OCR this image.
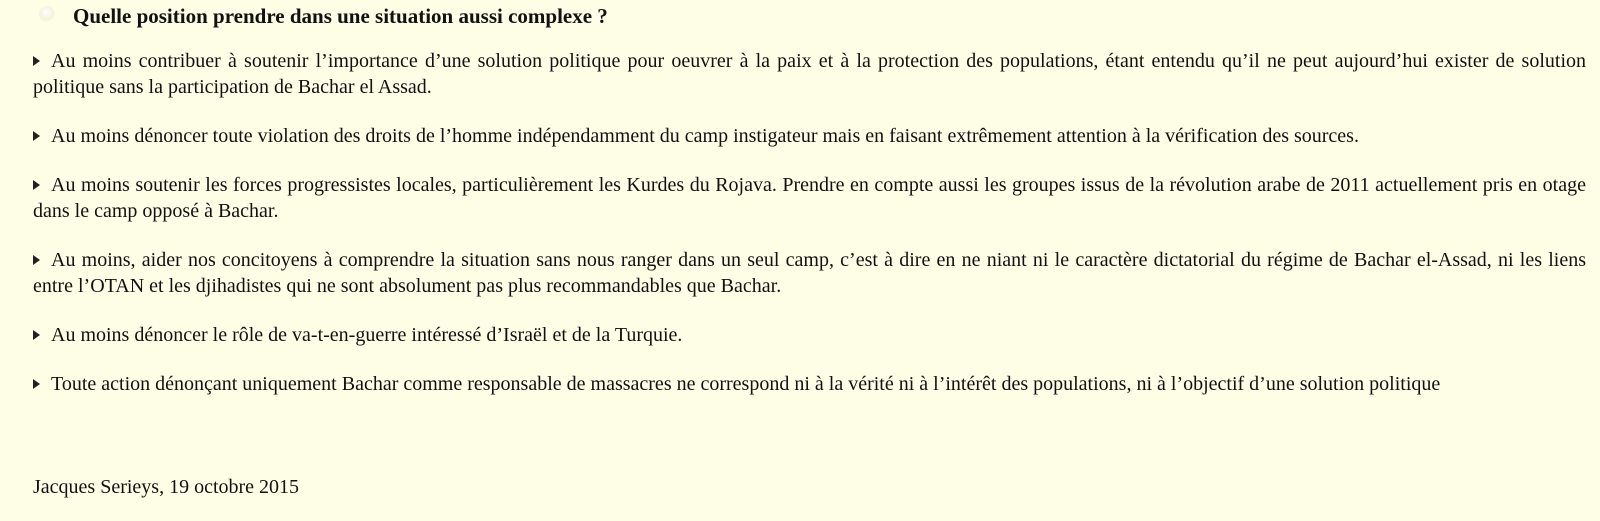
Quelle position prendre dans une situation aussi complexe ?
Au moins contribuer à soutenir l’importance d’une solution politique pour oeuvrer à la paix et à la protection des populations, étant entendu qu’il ne peut aujourd’hui exister de solution politique sans la participation de Bachar el Assad.
Au moins dénoncer toute violation des droits de l’homme indépendamment du camp instigateur mais en faisant extrêmement attention à la vérification des sources.
Au moins soutenir les forces progressistes locales, particulièrement les Kurdes du Rojava. Prendre en compte aussi les groupes issus de la révolution arabe de 2011 actuellement pris en otage dans le camp opposé à Bachar.
Au moins, aider nos concitoyens à comprendre la situation sans nous ranger dans un seul camp, c’est à dire en ne niant ni le caractère dictatorial du régime de Bachar el-Assad, ni les liens entre l’OTAN et les djihadistes qui ne sont absolument pas plus recommandables que Bachar.
Au moins dénoncer le rôle de va-t-en-guerre intéressé d’Israël et de la Turquie.
Toute action dénonçant uniquement Bachar comme responsable de massacres ne correspond ni à la vérité ni à l’intérêt des populations, ni à l’objectif d’une solution politique

Jacques Serieys, 19 octobre 2015
